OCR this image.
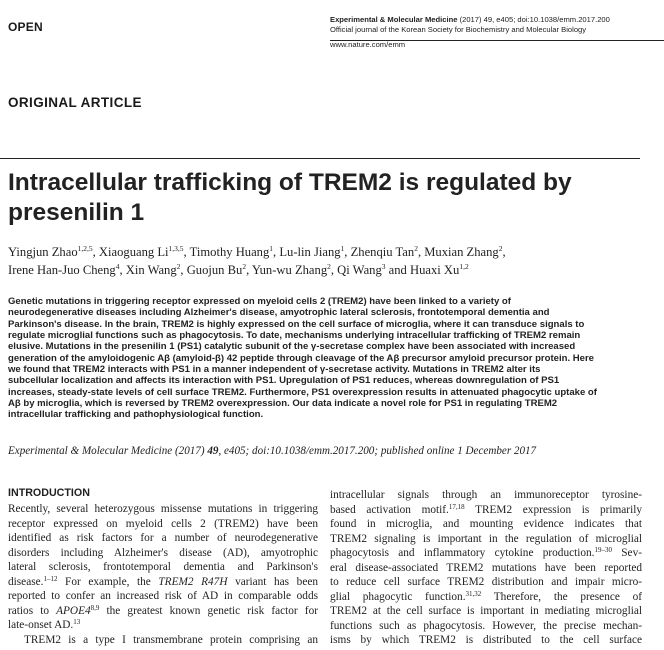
OPEN
Experimental & Molecular Medicine (2017) 49, e405; doi:10.1038/emm.2017.200
Official journal of the Korean Society for Biochemistry and Molecular Biology
www.nature.com/emm
ORIGINAL ARTICLE
Intracellular trafficking of TREM2 is regulated by presenilin 1
Yingjun Zhao$^{1,2,5}$, Xiaoguang Li$^{1,3,5}$, Timothy Huang$^1$, Lu-lin Jiang$^1$, Zhenqiu Tan$^2$, Muxian Zhang$^2$,
Irene Han-Juo Cheng$^4$, Xin Wang$^2$, Guojun Bu$^2$, Yun-wu Zhang$^2$, Qi Wang$^3$ and Huaxi Xu$^{1,2}$
Genetic mutations in triggering receptor expressed on myeloid cells 2 (TREM2) have been linked to a variety of
neurodegenerative diseases including Alzheimer's disease, amyotrophic lateral sclerosis, frontotemporal dementia and
Parkinson's disease. In the brain, TREM2 is highly expressed on the cell surface of microglia, where it can transduce signals to
regulate microglial functions such as phagocytosis. To date, mechanisms underlying intracellular trafficking of TREM2 remain
elusive. Mutations in the presenilin 1 (PS1) catalytic subunit of the γ-secretase complex have been associated with increased
generation of the amyloidogenic Aβ (amyloid-β) 42 peptide through cleavage of the Aβ precursor amyloid precursor protein. Here
we found that TREM2 interacts with PS1 in a manner independent of γ-secretase activity. Mutations in TREM2 alter its
subcellular localization and affects its interaction with PS1. Upregulation of PS1 reduces, whereas downregulation of PS1
increases, steady-state levels of cell surface TREM2. Furthermore, PS1 overexpression results in attenuated phagocytic uptake of
Aβ by microglia, which is reversed by TREM2 overexpression. Our data indicate a novel role for PS1 in regulating TREM2
intracellular trafficking and pathophysiological function.
Experimental & Molecular Medicine (2017) 49, e405; doi:10.1038/emm.2017.200; published online 1 December 2017
INTRODUCTION
Recently, several heterozygous missense mutations in triggering
receptor expressed on myeloid cells 2 (TREM2) have been
identified as risk factors for a number of neurodegenerative
disorders including Alzheimer's disease (AD), amyotrophic
lateral sclerosis, frontotemporal dementia and Parkinson's
disease.$^{1-12}$ For example, the TREM2 R47H variant has been
reported to confer an increased risk of AD in comparable odds
ratios to APOE4$^{8,9}$ the greatest known genetic risk factor for
late-onset AD.$^{13}$
TREM2 is a type I transmembrane protein comprising an
intracellular signals through an immunoreceptor tyrosine-
based activation motif.$^{17,18}$ TREM2 expression is primarily
found in microglia, and mounting evidence indicates that
TREM2 signaling is important in the regulation of microglial
phagocytosis and inflammatory cytokine production.$^{19-30}$ Sev-
eral disease-associated TREM2 mutations have been reported
to reduce cell surface TREM2 distribution and impair micro-
glial phagocytic function.$^{31,32}$ Therefore, the presence of
TREM2 at the cell surface is important in mediating microglial
functions such as phagocytosis. However, the precise mechan-
isms by which TREM2 is distributed to the cell surface
